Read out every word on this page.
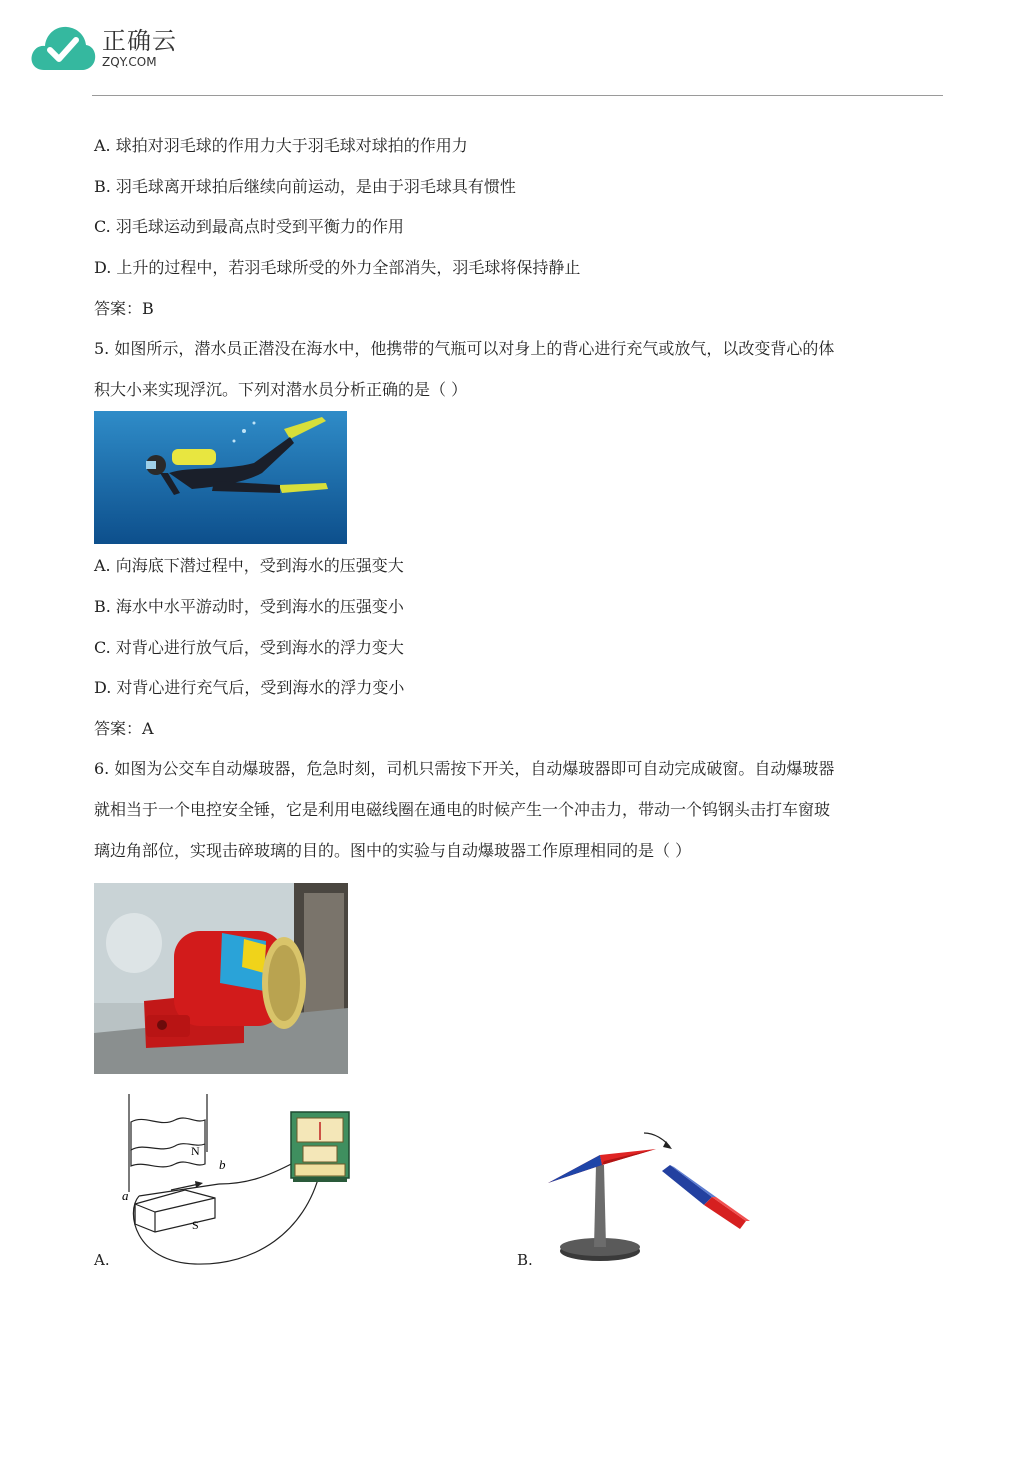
正确云
ZQY.COM
A. 球拍对羽毛球的作用力大于羽毛球对球拍的作用力
B. 羽毛球离开球拍后继续向前运动，是由于羽毛球具有惯性
C. 羽毛球运动到最高点时受到平衡力的作用
D. 上升的过程中，若羽毛球所受的外力全部消失，羽毛球将保持静止
答案：B
5. 如图所示，潜水员正潜没在海水中，他携带的气瓶可以对身上的背心进行充气或放气，以改变背心的体
积大小来实现浮沉。下列对潜水员分析正确的是（ ）
A. 向海底下潜过程中，受到海水的压强变大
B. 海水中水平游动时，受到海水的压强变小
C. 对背心进行放气后，受到海水的浮力变大
D. 对背心进行充气后，受到海水的浮力变小
答案：A
6. 如图为公交车自动爆玻器，危急时刻，司机只需按下开关，自动爆玻器即可自动完成破窗。自动爆玻器
就相当于一个电控安全锤，它是利用电磁线圈在通电的时候产生一个冲击力，带动一个钨钢头击打车窗玻
璃边角部位，实现击碎玻璃的目的。图中的实验与自动爆玻器工作原理相同的是（ ）
N
S
b
a
A.	B.
